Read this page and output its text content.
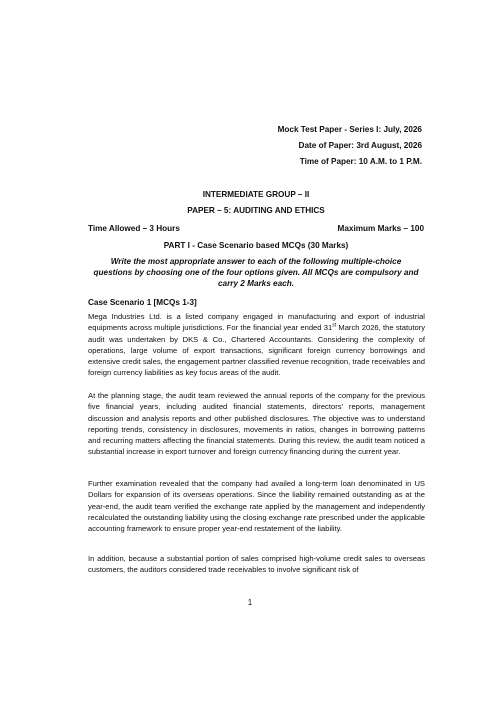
Mock Test Paper - Series I: July, 2026
Date of Paper: 3rd August, 2026
Time of Paper: 10 A.M. to 1 P.M.
INTERMEDIATE GROUP – II
PAPER – 5: AUDITING AND ETHICS
Time Allowed – 3 Hours	Maximum Marks – 100
PART I - Case Scenario based MCQs (30 Marks)
Write the most appropriate answer to each of the following multiple-choice questions by choosing one of the four options given. All MCQs are compulsory and carry 2 Marks each.
Case Scenario 1 [MCQs 1-3]

Mega Industries Ltd. is a listed company engaged in manufacturing and export of industrial equipments across multiple jurisdictions. For the financial year ended 31st March 2026, the statutory audit was undertaken by DKS & Co., Chartered Accountants. Considering the complexity of operations, large volume of export transactions, significant foreign currency borrowings and extensive credit sales, the engagement partner classified revenue recognition, trade receivables and foreign currency liabilities as key focus areas of the audit.

At the planning stage, the audit team reviewed the annual reports of the company for the previous five financial years, including audited financial statements, directors’ reports, management discussion and analysis reports and other published disclosures. The objective was to understand reporting trends, consistency in disclosures, movements in ratios, changes in borrowing patterns and recurring matters affecting the financial statements. During this review, the audit team noticed a substantial increase in export turnover and foreign currency financing during the current year.

Further examination revealed that the company had availed a long-term loan denominated in US Dollars for expansion of its overseas operations. Since the liability remained outstanding as at the year-end, the audit team verified the exchange rate applied by the management and independently recalculated the outstanding liability using the closing exchange rate prescribed under the applicable accounting framework to ensure proper year-end restatement of the liability.

In addition, because a substantial portion of sales comprised high-volume credit sales to overseas customers, the auditors considered trade receivables to involve significant risk of

1
